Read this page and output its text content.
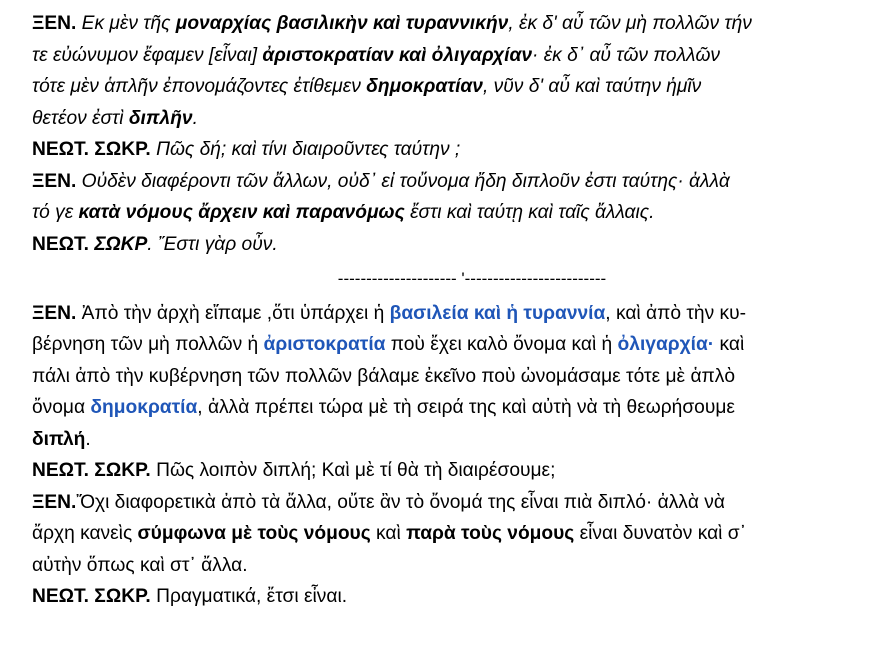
ΞΕΝ. Εκ μὲν τῆς μοναρχίας βασιλικὴν καὶ τυραννικήν, ἐκ δ' αὖ τῶν μὴ πολλῶν τήν
τε εὐώνυμον ἔφαμεν [εἶναι] ἀριστοκρατίαν καὶ ὀλιγαρχίαν· ἐκ δ᾽ αὖ τῶν πολλῶν
τότε μὲν ἁπλῆν ἐπονομάζοντες ἐτίθεμεν δημοκρατίαν, νῦν δ' αὖ καὶ ταύτην ἡμῖν
θετέον ἐστὶ διπλῆν.
ΝΕΩΤ. ΣΩΚΡ. Πῶς δή; καὶ τίνι διαιροῦντες ταύτην ;
ΞΕΝ. Οὐδὲν διαφέροντι τῶν ἄλλων, οὐδ᾽ εἰ τοὔνομα ἤδη διπλοῦν ἐστι ταύτης· ἀλλὰ
τό γε κατὰ νόμους ἄρχειν καὶ παρανόμως ἔστι καὶ ταύτῃ καὶ ταῖς ἄλλαις.
ΝΕΩΤ. ΣΩΚΡ. Ἔστι γὰρ οὖν.
--------------------- '-------------------------
ΞΕΝ. Ἀπὸ τὴν ἀρχὴ εἴπαμε ,ὅτι ὑπάρχει ἡ βασιλεία καὶ ἡ τυραννία, καὶ ἀπὸ τὴν κυ-
βέρνηση τῶν μὴ πολλῶν ἡ ἀριστοκρατία ποὺ ἔχει καλὸ ὄνομα καὶ ἡ ὀλιγαρχία· καὶ
πάλι ἀπὸ τὴν κυβέρνηση τῶν πολλῶν βάλαμε ἐκεῖνο ποὺ ὠνομάσαμε τότε μὲ ἁπλὸ
ὄνομα δημοκρατία, ἀλλὰ πρέπει τώρα μὲ τὴ σειρά της καὶ αὐτὴ νὰ τὴ θεωρήσουμε
διπλή.
ΝΕΩΤ. ΣΩΚΡ. Πῶς λοιπὸν διπλή; Καὶ μὲ τί θὰ τὴ διαιρέσουμε;
ΞΕΝ.Ὄχι διαφορετικὰ ἀπὸ τὰ ἄλλα, οὔτε ἂν τὸ ὄνομά της εἶναι πιὰ διπλό· ἀλλὰ νὰ
ἄρχη κανεὶς σύμφωνα μὲ τοὺς νόμους καὶ παρὰ τοὺς νόμους εἶναι δυνατὸν καὶ σ᾽
αὐτὴν ὅπως καὶ στ᾽ ἄλλα.
ΝΕΩΤ. ΣΩΚΡ. Πραγματικά, ἔτσι εἶναι.
